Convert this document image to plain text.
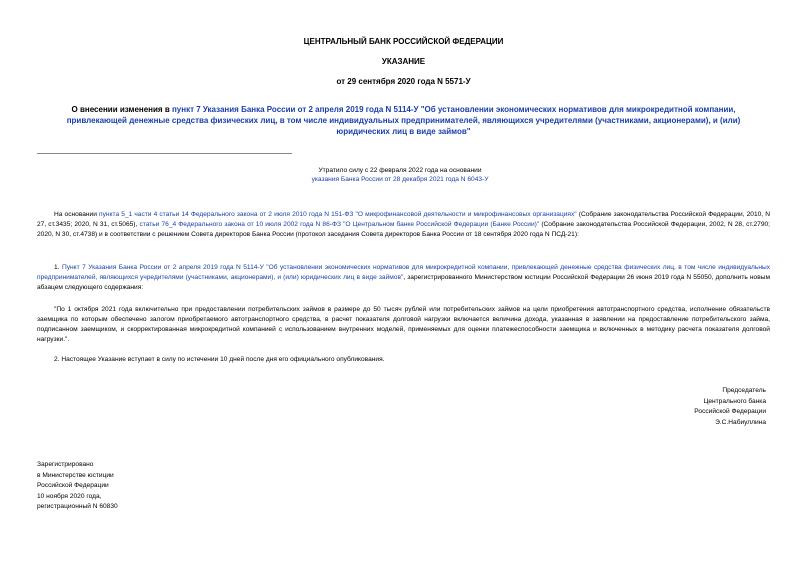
ЦЕНТРАЛЬНЫЙ БАНК РОССИЙСКОЙ ФЕДЕРАЦИИ
УКАЗАНИЕ
от 29 сентября 2020 года N 5571-У
О внесении изменения в пункт 7 Указания Банка России от 2 апреля 2019 года N 5114-У "Об установлении экономических нормативов для микрокредитной компании, привлекающей денежные средства физических лиц, в том числе индивидуальных предпринимателей, являющихся учредителями (участниками, акционерами), и (или) юридических лиц в виде займов"
Утратило силу с 22 февраля 2022 года на основании
указания Банка России от 28 декабря 2021 года N 6043-У
На основании пункта 5_1 части 4 статьи 14 Федерального закона от 2 июля 2010 года N 151-ФЗ "О микрофинансовой деятельности и микрофинансовых организациях" (Собрание законодательства Российской Федерации, 2010, N 27, ст.3435; 2020, N 31, ст.5065), статьи 76_4 Федерального закона от 10 июля 2002 года N 86-ФЗ "О Центральном банке Российской Федерации (Банке России)" (Собрание законодательства Российской Федерации, 2002, N 28, ст.2790; 2020, N 30, ст.4738) и в соответствии с решением Совета директоров Банка России (протокол заседания Совета директоров Банка России от 18 сентября 2020 года N ПСД-21):
1. Пункт 7 Указания Банка России от 2 апреля 2019 года N 5114-У "Об установлении экономических нормативов для микрокредитной компании, привлекающей денежные средства физических лиц, в том числе индивидуальных предпринимателей, являющихся учредителями (участниками, акционерами), и (или) юридических лиц в виде займов", зарегистрированного Министерством юстиции Российской Федерации 26 июня 2019 года N 55050, дополнить новым абзацем следующего содержания:
"По 1 октября 2021 года включительно при предоставлении потребительских займов в размере до 50 тысяч рублей или потребительских займов на цели приобретения автотранспортного средства, исполнение обязательств заемщика по которым обеспечено залогом приобретаемого автотранспортного средства, в расчет показателя долговой нагрузки включается величина дохода, указанная в заявлении на предоставление потребительского займа, подписанном заемщиком, и скорректированная микрокредитной компанией с использованием внутренних моделей, применяемых для оценки платежеспособности заемщика и включенных в методику расчета показателя долговой нагрузки.".
2. Настоящее Указание вступает в силу по истечении 10 дней после дня его официального опубликования.
Председатель
Центрального банка
Российской Федерации
Э.С.Набиуллина
Зарегистрировано
в Министерстве юстиции
Российской Федерации
10 ноября 2020 года,
регистрационный N 60830
